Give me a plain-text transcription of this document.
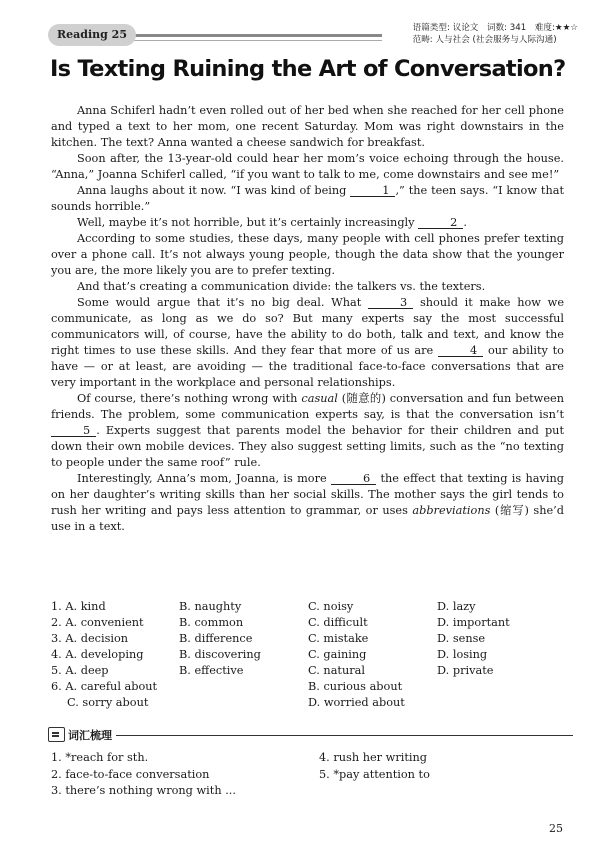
Reading 25	语篇类型: 议论文　词数: 341　难度:★★☆
范畴: 人与社会 (社会服务与人际沟通)
Is Texting Ruining the Art of Conversation?

Anna Schiferl hadn’t even rolled out of her bed when she reached for her cell phone and typed a text to her mom, one recent Saturday. Mom was right downstairs in the kitchen. The text? Anna wanted a cheese sandwich for breakfast.

Soon after, the 13-year-old could hear her mom’s voice echoing through the house. “Anna,” Joanna Schiferl called, “if you want to talk to me, come downstairs and see me!”

Anna laughs about it now. “I was kind of being	1 ,” the teen says. “I know that sounds horrible.”

Well, maybe it’s not horrible, but it’s certainly increasingly	2 .

According to some studies, these days, many people with cell phones prefer texting over a phone call. It’s not always young people, though the data show that the younger you are, the more likely you are to prefer texting.

And that’s creating a communication divide: the talkers vs. the texters.

Some would argue that it’s no big deal. What	3 should it make how we communicate, as long as we do so? But many experts say the most successful communicators will, of course, have the ability to do both, talk and text, and know the right times to use these skills. And they fear that more of us are	4 our ability to have — or at least, are avoiding — the traditional face-to-face conversations that are very important in the workplace and personal relationships.

Of course, there’s nothing wrong with casual (随意的) conversation and fun between friends. The problem, some communication experts say, is that the conversation isn’t 5 . Experts suggest that parents model the behavior for their children and put down their own mobile devices. They also suggest setting limits, such as the “no texting to people under the same roof” rule.

Interestingly, Anna’s mom, Joanna, is more	6 the effect that texting is having on her daughter’s writing skills than her social skills. The mother says the girl tends to rush her writing and pays less attention to grammar, or uses abbreviations (缩写) she’d use in a text.

1. A. kind	B. naughty	C. noisy	D. lazy
2. A. convenient	B. common	C. difficult	D. important
3. A. decision	B. difference	C. mistake	D. sense
4. A. developing	B. discovering	C. gaining	D. losing
5. A. deep	B. effective	C. natural	D. private
6. A. careful about	B. curious about
C. sorry about	D. worried about
词汇梳理
1. *reach for sth.	4. rush her writing
2. face-to-face conversation	5. *pay attention to
3. there’s nothing wrong with ...
25
